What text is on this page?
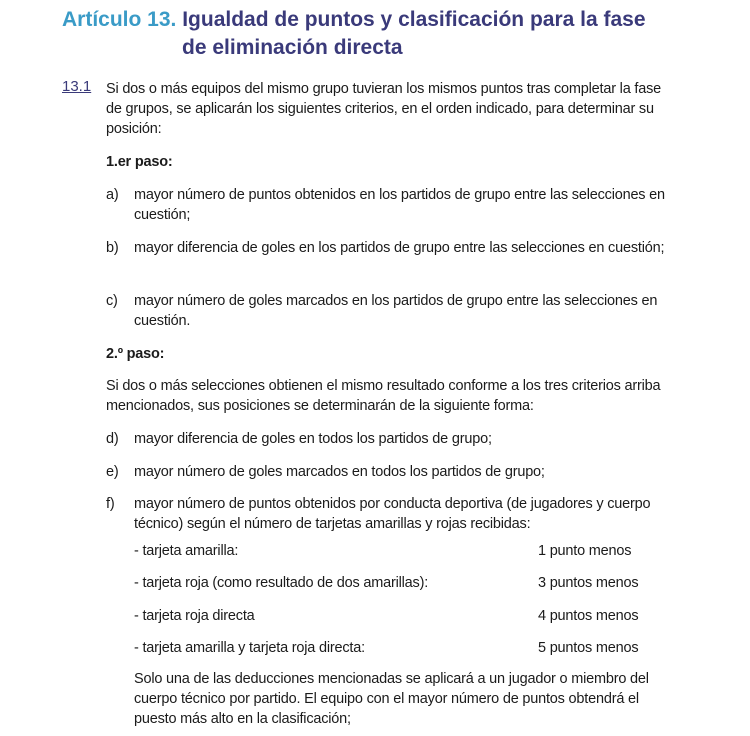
Artículo 13. Igualdad de puntos y clasificación para la fase
de eliminación directa
13.1 Si dos o más equipos del mismo grupo tuvieran los mismos puntos tras completar la fase de grupos, se aplicarán los siguientes criterios, en el orden indicado, para determinar su posición:
1.er paso:
a)	mayor número de puntos obtenidos en los partidos de grupo entre las selecciones en cuestión;
b)	mayor diferencia de goles en los partidos de grupo entre las selecciones en cuestión;
c)	mayor número de goles marcados en los partidos de grupo entre las selecciones en cuestión.
2.º paso:
Si dos o más selecciones obtienen el mismo resultado conforme a los tres criterios arriba mencionados, sus posiciones se determinarán de la siguiente forma:
d)	mayor diferencia de goles en todos los partidos de grupo;
e)	mayor número de goles marcados en todos los partidos de grupo;
f)	mayor número de puntos obtenidos por conducta deportiva (de jugadores y cuerpo técnico) según el número de tarjetas amarillas y rojas recibidas:
- tarjeta amarilla:	1 punto menos
- tarjeta roja (como resultado de dos amarillas):	3 puntos menos
- tarjeta roja directa	4 puntos menos
- tarjeta amarilla y tarjeta roja directa:	5 puntos menos
Solo una de las deducciones mencionadas se aplicará a un jugador o miembro del cuerpo técnico por partido. El equipo con el mayor número de puntos obtendrá el puesto más alto en la clasificación;
